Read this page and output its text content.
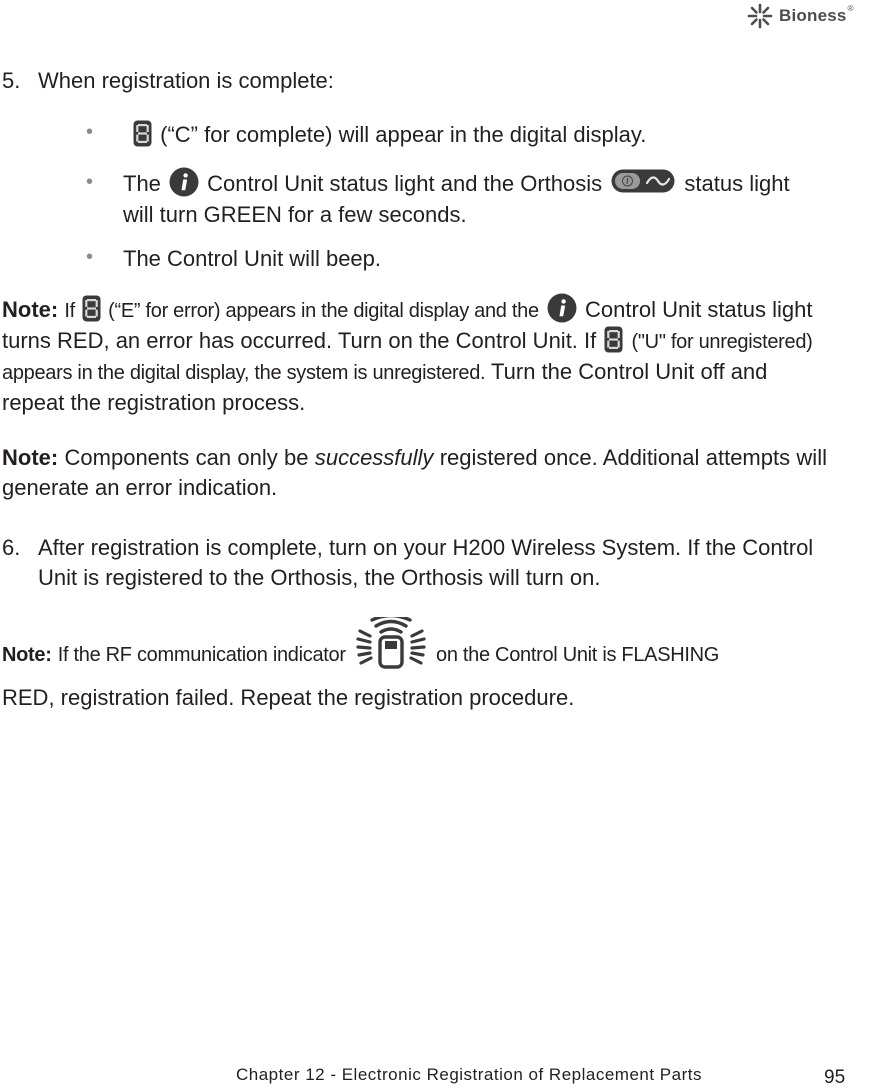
Bioness ®
5. When registration is complete:
•	(“C” for complete) will appear in the digital display.
• The Control Unit status light and the Orthosis	status light will turn GREEN for a few seconds.
• The Control Unit will beep.
Note: If (“E” for error) appears in the digital display and the Control Unit status light turns RED, an error has occurred. Turn on the Control Unit. If ("U" for unregistered) appears in the digital display, the system is unregistered. Turn the Control Unit off and repeat the registration process.
Note: Components can only be successfully registered once. Additional attempts will generate an error indication.
6. After registration is complete, turn on your H200 Wireless System. If the Control Unit is registered to the Orthosis, the Orthosis will turn on.
Note: If the RF communication indicator	on the Control Unit is FLASHING
RED, registration failed. Repeat the registration procedure.
Chapter 12 - Electronic Registration of Replacement Parts	95
